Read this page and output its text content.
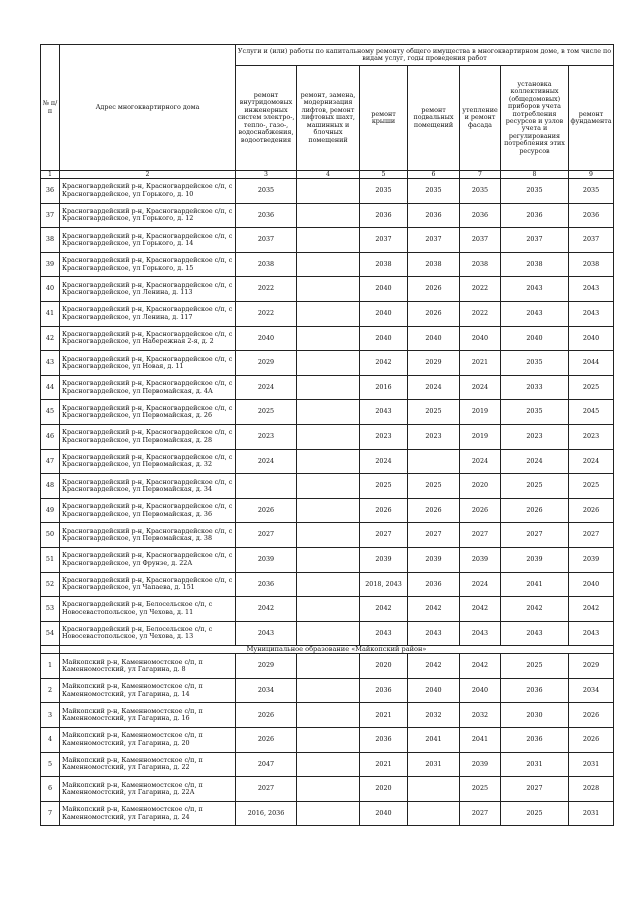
№ п/п	Адрес многоквартирного дома	Услуги и (или) работы по капитальному ремонту общего имущества в многоквартирном доме, в том числе по видам услуг, годы проведения работ						
		ремонт внутридомовых инженерных систем электро-, тепло-, газо-, водоснабжения, водоотведения	ремонт, замена, модернизация лифтов, ремонт лифтовых шахт, машинных и блочных помещений	ремонт крыши	ремонт подвальных помещений	утепление и ремонт фасада	установка коллективных (общедомовых) приборов учета потребления ресурсов и узлов учета и регулирования потребления этих ресурсов	ремонт фундамента
1	2	3	4	5	6	7	8	9
36	Красногвардейский р-н, Красногвардейское с/п, с Красногвардейское, ул Горького, д. 10	2035		2035	2035	2035	2035	2035
37	Красногвардейский р-н, Красногвардейское с/п, с Красногвардейское, ул Горького, д. 12	2036		2036	2036	2036	2036	2036
38	Красногвардейский р-н, Красногвардейское с/п, с Красногвардейское, ул Горького, д. 14	2037		2037	2037	2037	2037	2037
39	Красногвардейский р-н, Красногвардейское с/п, с Красногвардейское, ул Горького, д. 15	2038		2038	2038	2038	2038	2038
40	Красногвардейский р-н, Красногвардейское с/п, с Красногвардейское, ул Ленина, д. 113	2022		2040	2026	2022	2043	2043
41	Красногвардейский р-н, Красногвардейское с/п, с Красногвардейское, ул Ленина, д. 117	2022		2040	2026	2022	2043	2043
42	Красногвардейский р-н, Красногвардейское с/п, с Красногвардейское, ул Набережная 2-я, д. 2	2040		2040	2040	2040	2040	2040
43	Красногвардейский р-н, Красногвардейское с/п, с Красногвардейское, ул Новая, д. 11	2029		2042	2029	2021	2035	2044
44	Красногвардейский р-н, Красногвардейское с/п, с Красногвардейское, ул Первомайская, д. 4А	2024		2016	2024	2024	2033	2025
45	Красногвардейский р-н, Красногвардейское с/п, с Красногвардейское, ул Первомайская, д. 26	2025		2043	2025	2019	2035	2045
46	Красногвардейский р-н, Красногвардейское с/п, с Красногвардейское, ул Первомайская, д. 28	2023		2023	2023	2019	2023	2023
47	Красногвардейский р-н, Красногвардейское с/п, с Красногвардейское, ул Первомайская, д. 32	2024		2024		2024	2024	2024
48	Красногвардейский р-н, Красногвардейское с/п, с Красногвардейское, ул Первомайская, д. 34			2025	2025	2020	2025	2025
49	Красногвардейский р-н, Красногвардейское с/п, с Красногвардейское, ул Первомайская, д. 36	2026		2026	2026	2026	2026	2026
50	Красногвардейский р-н, Красногвардейское с/п, с Красногвардейское, ул Первомайская, д. 38	2027		2027	2027	2027	2027	2027
51	Красногвардейский р-н, Красногвардейское с/п, с Красногвардейское, ул Фрунзе, д. 22А	2039		2039	2039	2039	2039	2039
52	Красногвардейский р-н, Красногвардейское с/п, с Красногвардейское, ул Чапаева, д. 151	2036		2018, 2043	2036	2024	2041	2040
53	Красногвардейский р-н, Белосельское с/п, с Новосевастопольское, ул Чехова, д. 11	2042		2042	2042	2042	2042	2042
54	Красногвардейский р-н, Белосельское с/п, с Новосевастопольское, ул Чехова, д. 13	2043		2043	2043	2043	2043	2043
	Муниципальное образование «Майкопский район»							
1	Майкопский р-н, Каменномостское с/п, п Каменномостский, ул Гагарина, д. 8	2029		2020	2042	2042	2025	2029
2	Майкопский р-н, Каменномостское с/п, п Каменномостский, ул Гагарина, д. 14	2034		2036	2040	2040	2036	2034
3	Майкопский р-н, Каменномостское с/п, п Каменномостский, ул Гагарина, д. 16	2026		2021	2032	2032	2030	2026
4	Майкопский р-н, Каменномостское с/п, п Каменномостский, ул Гагарина, д. 20	2026		2036	2041	2041	2036	2026
5	Майкопский р-н, Каменномостское с/п, п Каменномостский, ул Гагарина, д. 22	2047		2021	2031	2039	2031	2031
6	Майкопский р-н, Каменномостское с/п, п Каменномостский, ул Гагарина, д. 22А	2027		2020		2025	2027	2028
7	Майкопский р-н, Каменномостское с/п, п Каменномостский, ул Гагарина, д. 24	2016, 2036		2040		2027	2025	2031
